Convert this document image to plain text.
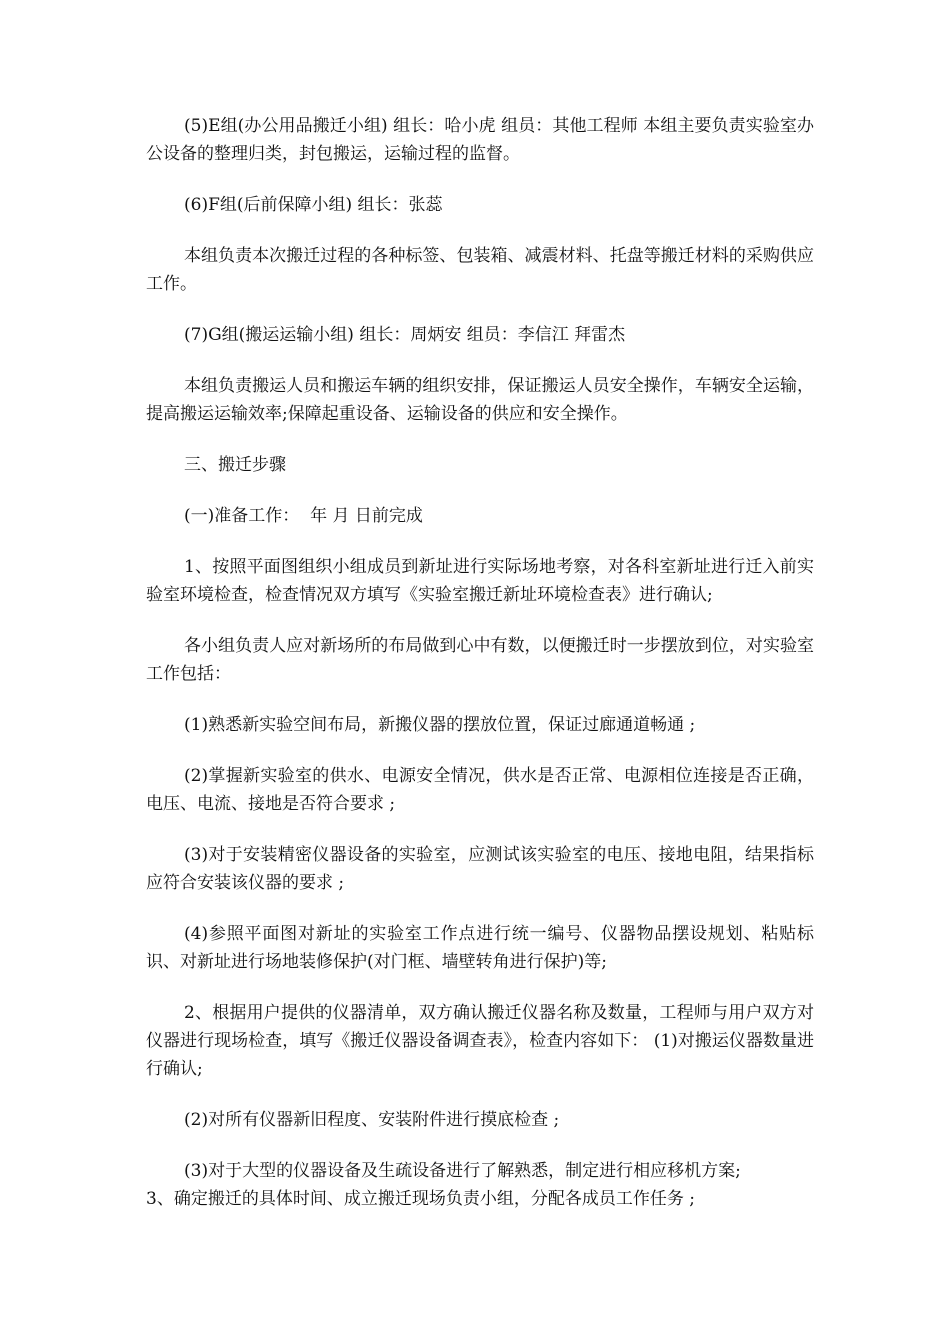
(5)E组(办公用品搬迁小组) 组长：哈小虎 组员：其他工程师 本组主要负责实验室办公设备的整理归类，封包搬运，运输过程的监督。

(6)F组(后前保障小组) 组长：张蕊

本组负责本次搬迁过程的各种标签、包装箱、减震材料、托盘等搬迁材料的采购供应工作。

(7)G组(搬运运输小组) 组长：周炳安 组员：李信江 拜雷杰

本组负责搬运人员和搬运车辆的组织安排，保证搬运人员安全操作，车辆安全运输，提高搬运运输效率;保障起重设备、运输设备的供应和安全操作。

三、搬迁步骤

(一)准备工作：  年 月 日前完成

1、按照平面图组织小组成员到新址进行实际场地考察，对各科室新址进行迁入前实验室环境检查，检查情况双方填写《实验室搬迁新址环境检查表》进行确认;

各小组负责人应对新场所的布局做到心中有数，以便搬迁时一步摆放到位，对实验室工作包括：

(1)熟悉新实验空间布局，新搬仪器的摆放位置，保证过廊通道畅通 ;

(2)掌握新实验室的供水、电源安全情况，供水是否正常、电源相位连接是否正确，电压、电流、接地是否符合要求 ;

(3)对于安装精密仪器设备的实验室，应测试该实验室的电压、接地电阻，结果指标应符合安装该仪器的要求 ;

(4)参照平面图对新址的实验室工作点进行统一编号、仪器物品摆设规划、粘贴标识、对新址进行场地装修保护(对门框、墙壁转角进行保护)等;

2、根据用户提供的仪器清单，双方确认搬迁仪器名称及数量，工程师与用户双方对仪器进行现场检查，填写《搬迁仪器设备调查表》，检查内容如下： (1)对搬运仪器数量进行确认;

(2)对所有仪器新旧程度、安装附件进行摸底检查 ;

(3)对于大型的仪器设备及生疏设备进行了解熟悉，制定进行相应移机方案;

3、确定搬迁的具体时间、成立搬迁现场负责小组，分配各成员工作任务 ;
